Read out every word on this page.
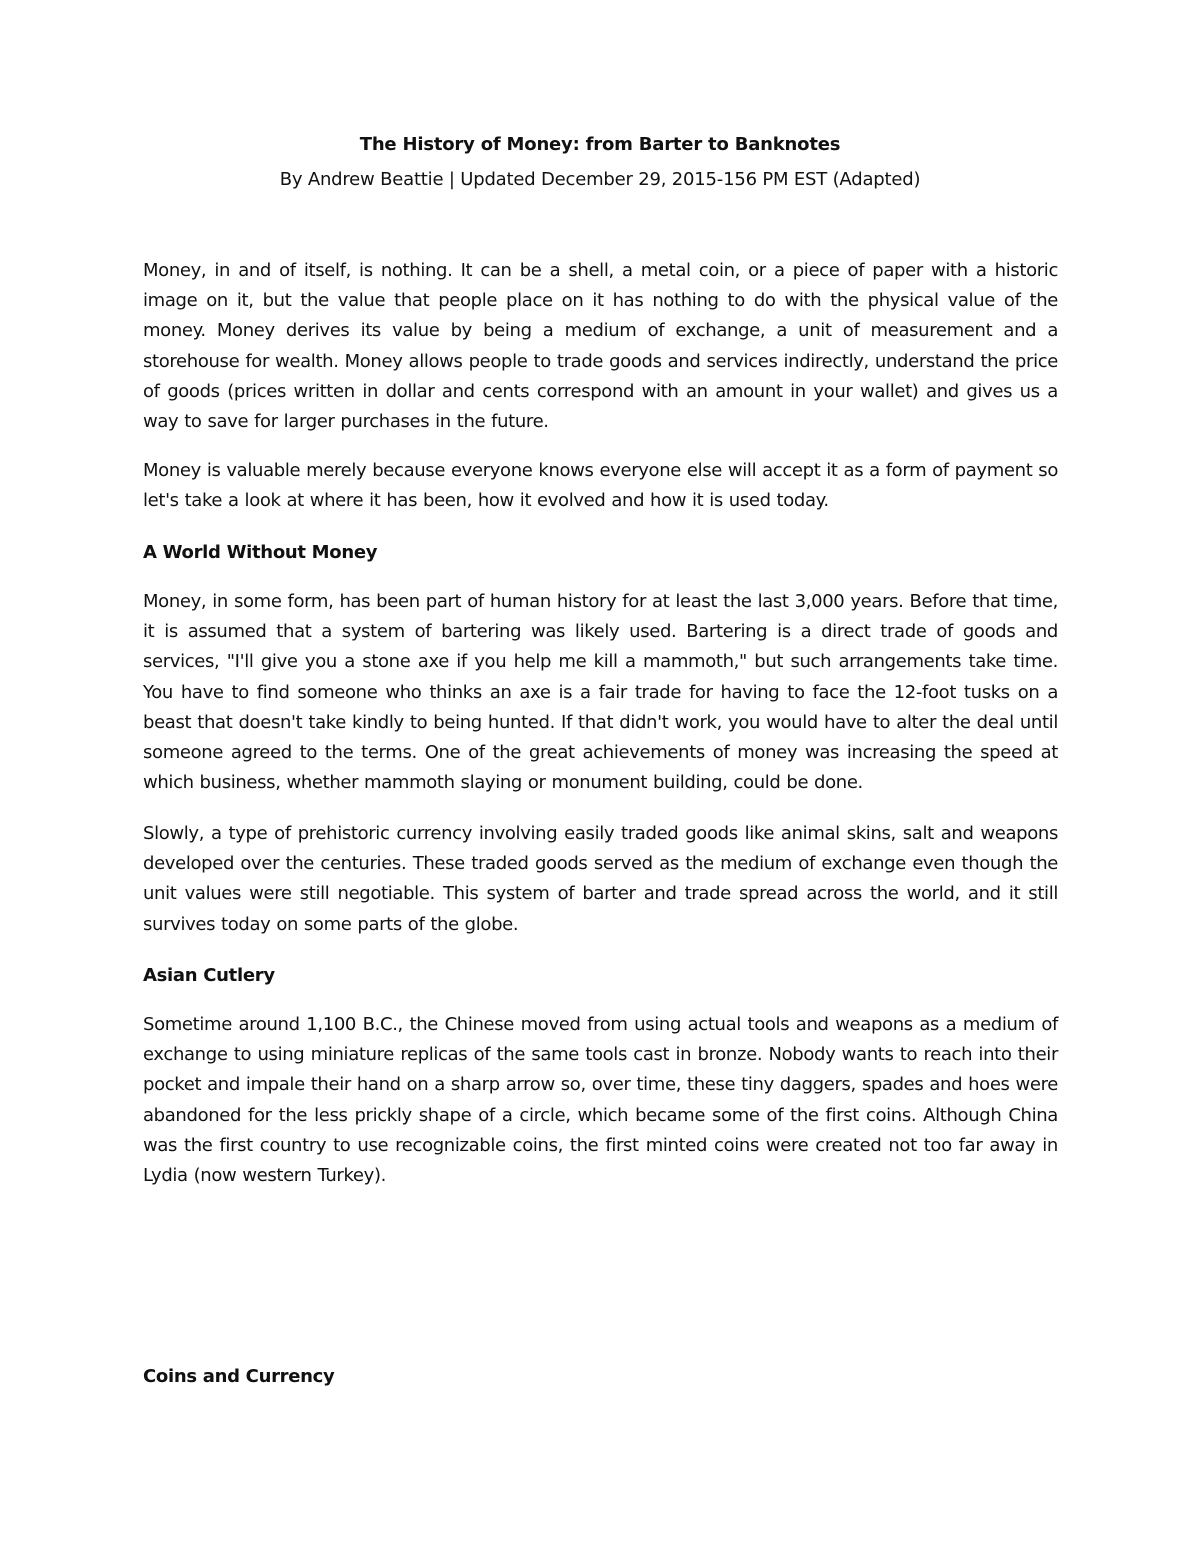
The History of Money: from Barter to Banknotes
By Andrew Beattie | Updated December 29, 2015-156 PM EST (Adapted)
Money, in and of itself, is nothing. It can be a shell, a metal coin, or a piece of paper with a historic image on it, but the value that people place on it has nothing to do with the physical value of the money. Money derives its value by being a medium of exchange, a unit of measurement and a storehouse for wealth. Money allows people to trade goods and services indirectly, understand the price of goods (prices written in dollar and cents correspond with an amount in your wallet) and gives us a way to save for larger purchases in the future.
Money is valuable merely because everyone knows everyone else will accept it as a form of payment so let's take a look at where it has been, how it evolved and how it is used today.
A World Without Money
Money, in some form, has been part of human history for at least the last 3,000 years. Before that time, it is assumed that a system of bartering was likely used. Bartering is a direct trade of goods and services, "I'll give you a stone axe if you help me kill a mammoth," but such arrangements take time. You have to find someone who thinks an axe is a fair trade for having to face the 12-foot tusks on a beast that doesn't take kindly to being hunted. If that didn't work, you would have to alter the deal until someone agreed to the terms. One of the great achievements of money was increasing the speed at which business, whether mammoth slaying or monument building, could be done.
Slowly, a type of prehistoric currency involving easily traded goods like animal skins, salt and weapons developed over the centuries. These traded goods served as the medium of exchange even though the unit values were still negotiable. This system of barter and trade spread across the world, and it still survives today on some parts of the globe.
Asian Cutlery
Sometime around 1,100 B.C., the Chinese moved from using actual tools and weapons as a medium of exchange to using miniature replicas of the same tools cast in bronze. Nobody wants to reach into their pocket and impale their hand on a sharp arrow so, over time, these tiny daggers, spades and hoes were abandoned for the less prickly shape of a circle, which became some of the first coins. Although China was the first country to use recognizable coins, the first minted coins were created not too far away in Lydia (now western Turkey).
Coins and Currency
